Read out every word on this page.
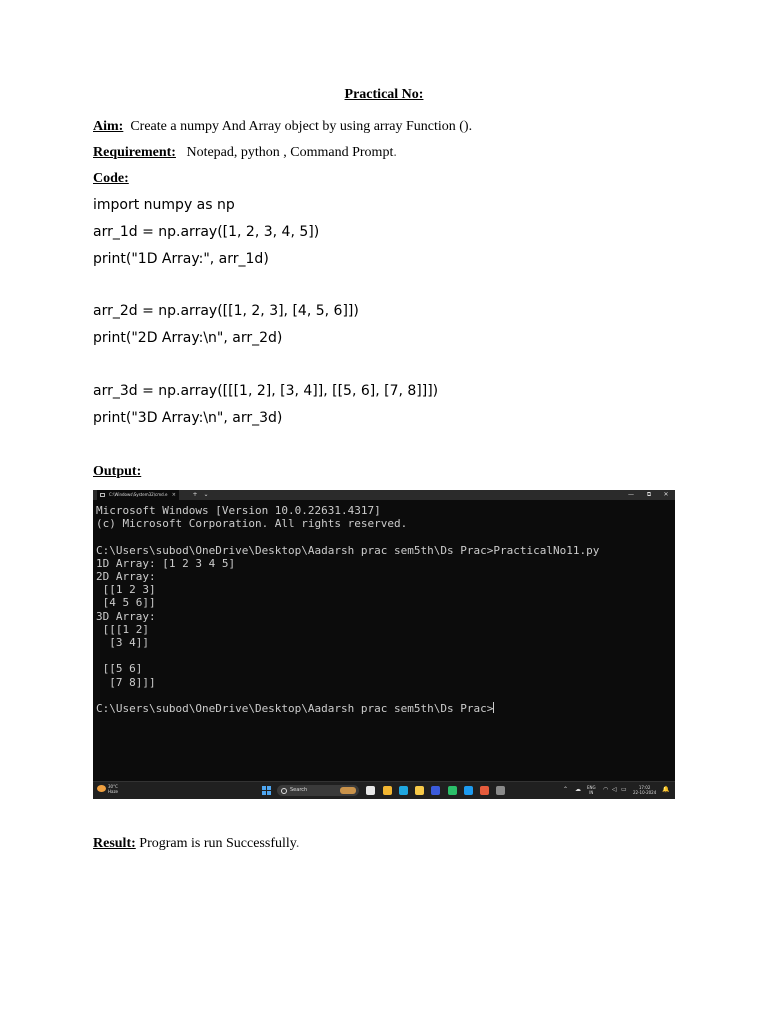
Practical No:
Aim: Create a numpy And Array object by using array Function ().
Requirement: Notepad, python , Command Prompt.
Code:
import numpy as np
arr_1d = np.array([1, 2, 3, 4, 5])
print("1D Array:", arr_1d)
arr_2d = np.array([[1, 2, 3], [4, 5, 6]])
print("2D Array:\n", arr_2d)
arr_3d = np.array([[[1, 2], [3, 4]], [[5, 6], [7, 8]]])
print("3D Array:\n", arr_3d)
Output:
C:\Windows\System32\cmd.e ×	+ ⌄	—	⧉	✕
Microsoft Windows [Version 10.0.22631.4317]
(c) Microsoft Corporation. All rights reserved.
C:\Users\subod\OneDrive\Desktop\Aadarsh prac sem5th\Ds Prac>PracticalNo11.py
1D Array: [1 2 3 4 5]
2D Array:
[[1 2 3]
[4 5 6]]
3D Array:
[[[1 2]
[3 4]]
[[5 6]
[7 8]]]
C:\Users\subod\OneDrive\Desktop\Aadarsh prac sem5th\Ds Prac>
30°C
Haze	Search	⌃ ☁ ENG
IN	◠ ◁ ▭	17:02
22-10-2024 🔔
Result: Program is run Successfully.
